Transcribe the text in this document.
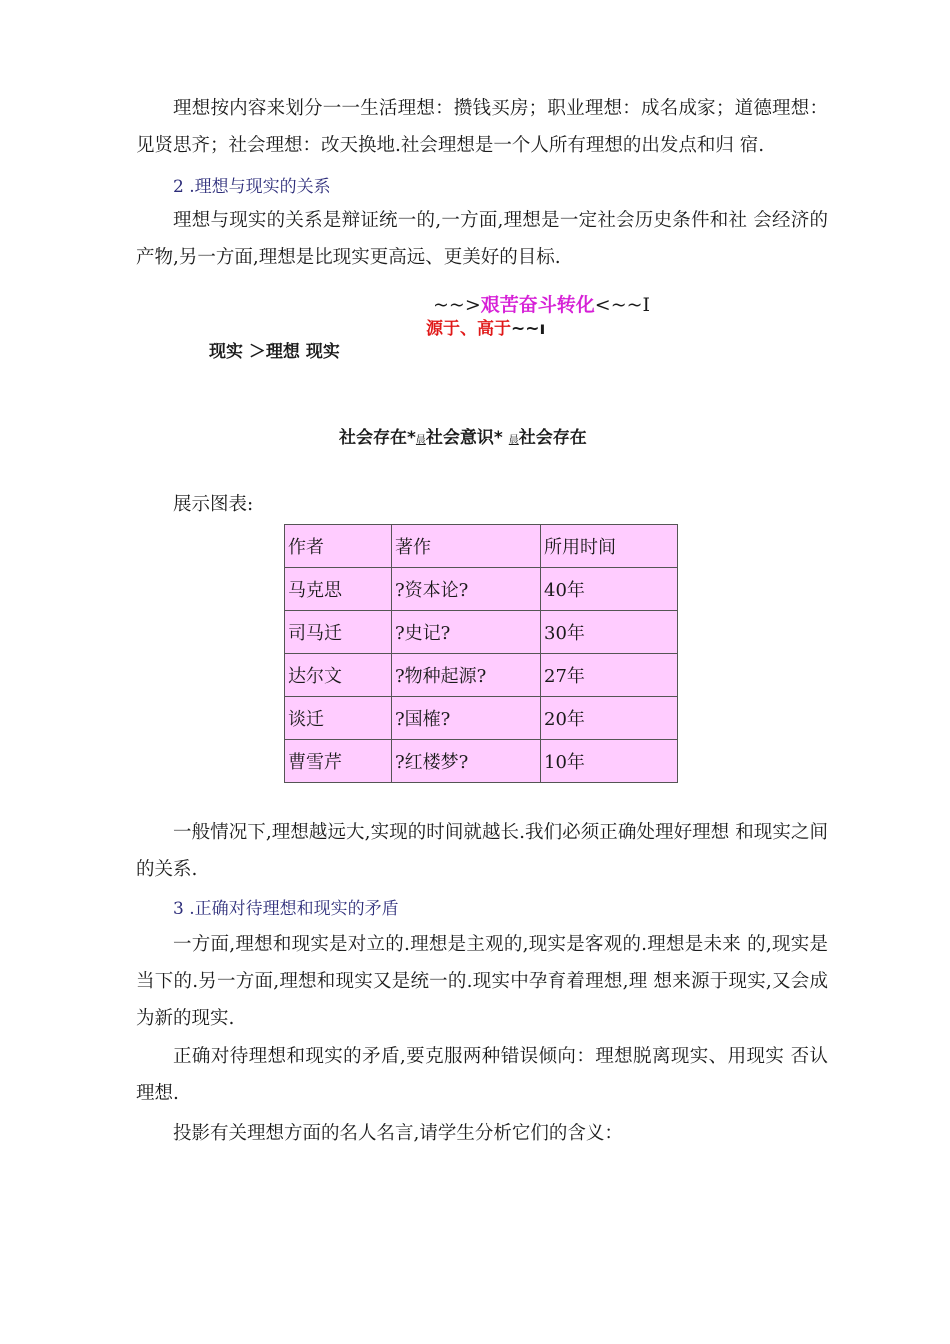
理想按内容来划分一一生活理想：攒钱买房；职业理想：成名成家；道德理想：见贤思齐；社会理想：改天换地.社会理想是一个人所有理想的出发点和归 宿.

2 .理想与现实的关系

理想与现实的关系是辩证统一的,一方面,理想是一定社会历史条件和社 会经济的产物,另一方面,理想是比现实更高远、更美好的目标.

~~>艰苦奋斗转化<~~I
源于、高于~~ı
现实 ＞理想 现实
社会存在*晨社会意识* 晨社会存在

展示图表:

作者	著作	所用时间
马克思	?资本论?	40年
司马迁	?史记?	30年
达尔文	?物种起源?	27年
谈迁	?国榷?	20年
曹雪芹	?红楼梦?	10年

一般情况下,理想越远大,实现的时间就越长.我们必须正确处理好理想 和现实之间的关系.

3 .正确对待理想和现实的矛盾

一方面,理想和现实是对立的.理想是主观的,现实是客观的.理想是未来 的,现实是当下的.另一方面,理想和现实又是统一的.现实中孕育着理想,理 想来源于现实,又会成为新的现实.

正确对待理想和现实的矛盾,要克服两种错误倾向：理想脱离现实、用现实 否认理想.

投影有关理想方面的名人名言,请学生分析它们的含义：
